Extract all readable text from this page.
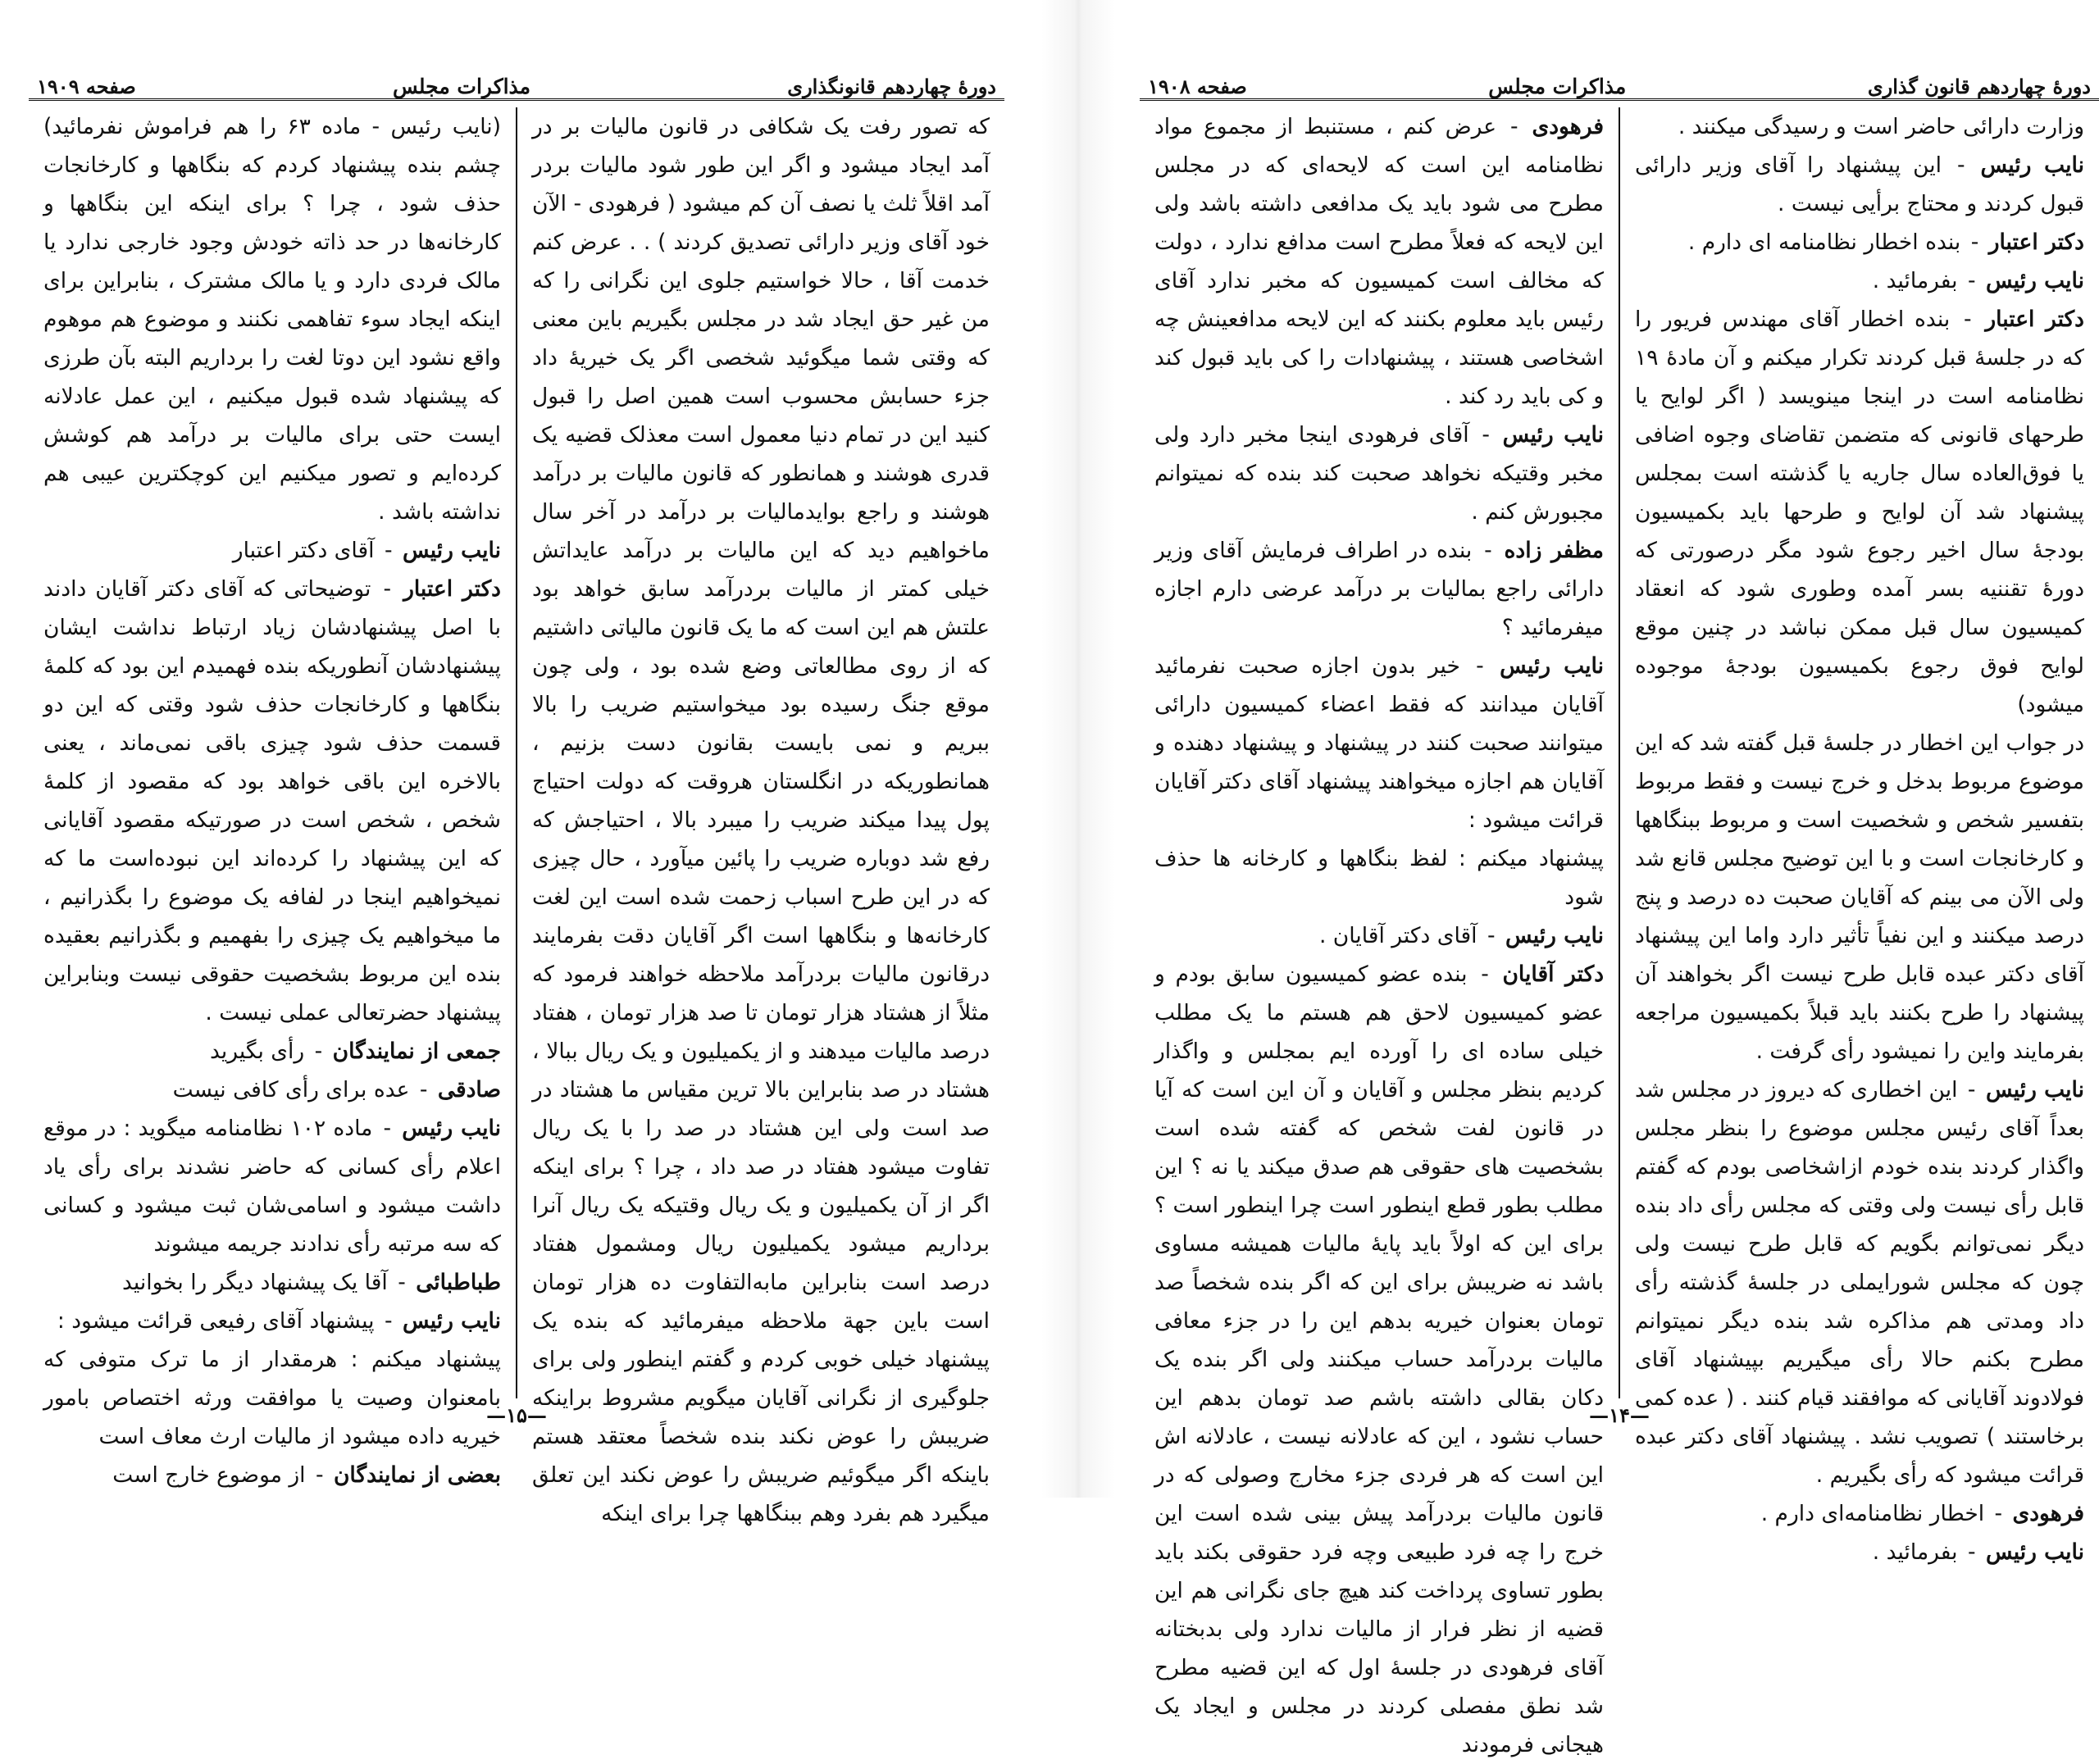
دورهٔ چهاردهم قانون گذاری
مذاکرات مجلس
صفحه ۱۹۰۸

وزارت دارائی حاضر است و رسیدگی میکنند .

نایب رئیس - این پیشنهاد را آقای وزیر دارائی قبول کردند و محتاج برأیی نیست .

دکتر اعتبار - بنده اخطار نظامنامه ای دارم .

نایب رئیس - بفرمائید .

دکتر اعتبار - بنده اخطار آقای مهندس فریور را که در جلسهٔ قبل کردند تکرار میکنم و آن مادهٔ ۱۹ نظامنامه است در اینجا مینویسد ( اگر لوایح یا طرحهای قانونی که متضمن تقاضای وجوه اضافی یا فوق‌العاده سال جاریه یا گذشته است بمجلس پیشنهاد شد آن لوایح و طرحها باید بکمیسیون بودجهٔ سال اخیر رجوع شود مگر درصورتی که دورهٔ تقننیه بسر آمده وطوری شود که انعقاد کمیسیون سال قبل ممکن نباشد در چنین موقع لوایح فوق رجوع بکمیسیون بودجهٔ موجوده میشود)

در جواب این اخطار در جلسهٔ قبل گفته شد که این موضوع مربوط بدخل و خرج نیست و فقط مربوط بتفسیر شخص و شخصیت است و مربوط ببنگاهها و کارخانجات است و با این توضیح مجلس قانع شد ولی الآن می بینم که آقایان صحبت ده درصد و پنج درصد میکنند و این نفیاً تأثیر دارد واما این پیشنهاد آقای دکتر عبده قابل طرح نیست اگر بخواهند آن پیشنهاد را طرح بکنند باید قبلاً بکمیسیون مراجعه بفرمایند واین را نمیشود رأی گرفت .

نایب رئیس - این اخطاری که دیروز در مجلس شد بعداً آقای رئیس مجلس موضوع را بنظر مجلس واگذار کردند بنده خودم ازاشخاصی بودم که گفتم قابل رأی نیست ولی وقتی که مجلس رأی داد بنده دیگر نمی‌توانم بگویم که قابل طرح نیست ولی چون که مجلس شورایملی در جلسهٔ گذشته رأی داد ومدتی هم مذاکره شد بنده دیگر نمیتوانم مطرح بکنم حالا رأی میگیریم بپیشنهاد آقای فولادوند آقایانی که موافقند قیام کنند . ( عده کمی برخاستند ) تصویب نشد . پیشنهاد آقای دکتر عبده قرائت میشود که رأی بگیریم .

فرهودی - اخطار نظامنامه‌ای دارم .

نایب رئیس - بفرمائید .

فرهودی - عرض کنم ، مستنبط از مجموع مواد نظامنامه این است که لایحه‌ای که در مجلس مطرح می شود باید یک مدافعی داشته باشد ولی این لایحه که فعلاً مطرح است مدافع ندارد ، دولت که مخالف است کمیسیون که مخبر ندارد آقای رئیس باید معلوم بکنند که این لایحه مدافعینش چه اشخاصی هستند ، پیشنهادات را کی باید قبول کند و کی باید رد کند .

نایب رئیس - آقای فرهودی اینجا مخبر دارد ولی مخبر وقتیکه نخواهد صحبت کند بنده که نمیتوانم مجبورش کنم .

مظفر زاده - بنده در اطراف فرمایش آقای وزیر دارائی راجع بمالیات بر درآمد عرضی دارم اجازه میفرمائید ؟

نایب رئیس - خیر بدون اجازه صحبت نفرمائید آقایان میدانند که فقط اعضاء کمیسیون دارائی میتوانند صحبت کنند در پیشنهاد و پیشنهاد دهنده و آقایان هم اجازه میخواهند پیشنهاد آقای دکتر آقایان قرائت میشود :

پیشنهاد میکنم : لفظ بنگاهها و کارخانه ها حذف شود

نایب رئیس - آقای دکتر آقایان .

دکتر آقایان - بنده عضو کمیسیون سابق بودم و عضو کمیسیون لاحق هم هستم ما یک مطلب خیلی ساده ای را آورده ایم بمجلس و واگذار کردیم بنظر مجلس و آقایان و آن این است که آیا در قانون لفت شخص که گفته شده است بشخصیت های حقوقی هم صدق میکند یا نه ؟ این مطلب بطور قطع اینطور است چرا اینطور است ؟ برای این که اولاً باید پایهٔ مالیات همیشه مساوی باشد نه ضریبش برای این که اگر بنده شخصاً صد تومان بعنوان خیریه بدهم این را در جزء معافی مالیات بردرآمد حساب میکنند ولی اگر بنده یک دکان بقالی داشته باشم صد تومان بدهم این حساب نشود ، این که عادلانه نیست ، عادلانه اش این است که هر فردی جزء مخارج وصولی که در قانون مالیات بردرآمد پیش بینی شده است این خرج را چه فرد طبیعی وچه فرد حقوقی بکند باید بطور تساوی پرداخت کند هیچ جای نگرانی هم این قضیه از نظر فرار از مالیات ندارد ولی بدبختانه آقای فرهودی در جلسهٔ اول که این قضیه مطرح شد نطق مفصلی کردند در مجلس و ایجاد یک هیجانی فرمودند

—۱۴—
دورهٔ چهاردهم قانونگذاری
مذاکرات مجلس
صفحه ۱۹۰۹

که تصور رفت یک شکافی در قانون مالیات بر در آمد ایجاد میشود و اگر این طور شود مالیات بردر آمد اقلاً ثلث یا نصف آن کم میشود ( فرهودی - الآن خود آقای وزیر دارائی تصدیق کردند ) . . عرض کنم خدمت آقا ، حالا خواستیم جلوی این نگرانی را که من غیر حق ایجاد شد در مجلس بگیریم باین معنی که وقتی شما میگوئید شخصی اگر یک خیریهٔ داد جزء حسابش محسوب است همین اصل را قبول کنید این در تمام دنیا معمول است معذلک قضیه یک قدری هوشند و همانطور که قانون مالیات بر درآمد هوشند و راجع بوایدمالیات بر درآمد در آخر سال ماخواهیم دید که این مالیات بر درآمد عایداتش خیلی کمتر از مالیات بردرآمد سابق خواهد بود علتش هم این است که ما یک قانون مالیاتی داشتیم که از روی مطالعاتی وضع شده بود ، ولی چون موقع جنگ رسیده بود میخواستیم ضریب را بالا ببریم و نمی بایست بقانون دست بزنیم ، همانطوریکه در انگلستان هروقت که دولت احتیاج پول پیدا میکند ضریب را میبرد بالا ، احتیاجش که رفع شد دوباره ضریب را پائین میآورد ، حال چیزی که در این طرح اسباب زحمت شده است این لغت کارخانه‌ها و بنگاهها است اگر آقایان دقت بفرمایند درقانون مالیات بردرآمد ملاحظه خواهند فرمود که مثلاً از هشتاد هزار تومان تا صد هزار تومان ، هفتاد درصد مالیات میدهند و از یکمیلیون و یک ریال ببالا ، هشتاد در صد بنابراین بالا ترین مقیاس ما هشتاد در صد است ولی این هشتاد در صد را با یک ریال تفاوت میشود هفتاد در صد داد ، چرا ؟ برای اینکه اگر از آن یکمیلیون و یک ریال وقتیکه یک ریال آنرا برداریم میشود یکمیلیون ریال ومشمول هفتاد درصد است بنابراین مابه‌التفاوت ده هزار تومان است باین جهة ملاحظه میفرمائید که بنده یک پیشنهاد خیلی خوبی کردم و گفتم اینطور ولی برای جلوگیری از نگرانی آقایان میگویم مشروط براینکه ضریبش را عوض نکند بنده شخصاً معتقد هستم باینکه اگر میگوئیم ضریبش را عوض نکند این تعلق میگیرد هم بفرد وهم ببنگاهها چرا برای اینکه

(نایب رئیس - ماده ۶۳ را هم فراموش نفرمائید) چشم بنده پیشنهاد کردم که بنگاهها و کارخانجات حذف شود ، چرا ؟ برای اینکه این بنگاهها و کارخانه‌ها در حد ذاته خودش وجود خارجی ندارد یا مالک فردی دارد و یا مالک مشترک ، بنابراین برای اینکه ایجاد سوء تفاهمی نکنند و موضوع هم موهوم واقع نشود این دوتا لغت را برداریم البته بآن طرزی که پیشنهاد شده قبول میکنیم ، این عمل عادلانه ایست حتی برای مالیات بر درآمد هم کوشش کرده‌ایم و تصور میکنیم این کوچکترین عیبی هم نداشته باشد .

نایب رئیس - آقای دکتر اعتبار

دکتر اعتبار - توضیحاتی که آقای دکتر آقایان دادند با اصل پیشنهادشان زیاد ارتباط نداشت ایشان پیشنهادشان آنطوریکه بنده فهمیدم این بود که کلمهٔ بنگاهها و کارخانجات حذف شود وقتی که این دو قسمت حذف شود چیزی باقی نمی‌ماند ، یعنی بالاخره این باقی خواهد بود که مقصود از کلمهٔ شخص ، شخص است در صورتیکه مقصود آقایانی که این پیشنهاد را کرده‌اند این نبوده‌است ما که نمیخواهیم اینجا در لفافه یک موضوع را بگذرانیم ، ما میخواهیم یک چیزی را بفهمیم و بگذرانیم بعقیده بنده این مربوط بشخصیت حقوقی نیست وبنابراین پیشنهاد حضرتعالی عملی نیست .

جمعی از نمایندگان - رأی بگیرید

صادقی - عده برای رأی کافی نیست

نایب رئیس - ماده ۱۰۲ نظامنامه میگوید : در موقع اعلام رأی کسانی که حاضر نشدند برای رأی یاد داشت میشود و اسامی‌شان ثبت میشود و کسانی که سه مرتبه رأی ندادند جریمه میشوند

طباطبائی - آقا یک پیشنهاد دیگر را بخوانید

نایب رئیس - پیشنهاد آقای رفیعی قرائت میشود :

پیشنهاد میکنم : هرمقدار از ما ترک متوفی که بامعنوان وصیت یا موافقت ورثه اختصاص بامور خیریه داده میشود از مالیات ارث معاف است

بعضی از نمایندگان - از موضوع خارج است

—۱۵—
